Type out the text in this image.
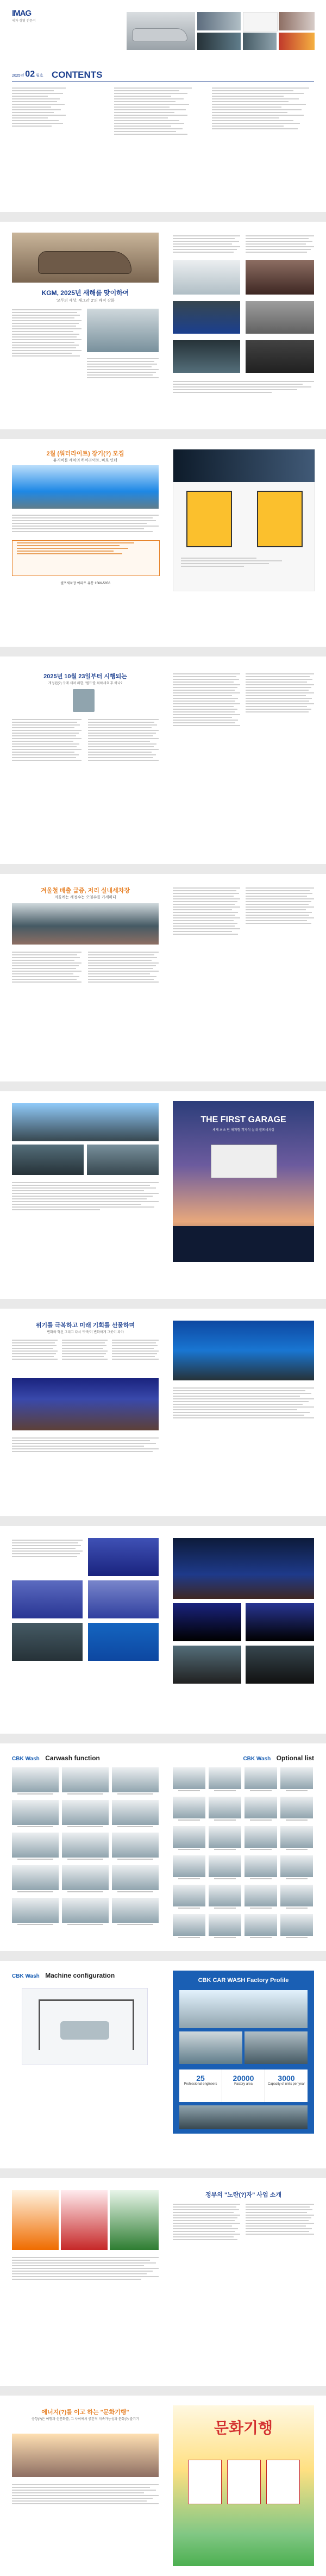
IMAG
세차 경영 전문지
2025년 02 월호 CONTENTS
KGM, 2025년 새해를 맞이하여
'모두의 세상, 새그러' 2'의 쾌적 강화
2월 (워터라이트) 장기(?) 모집
유지비를 세차의 하이라이트, 바로 인터
셀프세차장 아파트 유통 1566-5656
2025년 10월 23일부터 시행되는
개정된(?) 구매 세차 위한, '셀프'를 위하세요 후 하나?
겨울철 배출 급증, 저리 실내세차장
겨울에는 세정수는 오염수를 가세하다
THE FIRST GARAGE
세계 최초 단 해저형 격자식 실내 셀프세차장
위기를 극복하고 미래 기회를 선물하며
변화와 혁신 그리고 다시 '구축'이 변화하게 그곳이 되야
CBK Wash Carwash function	CBK Wash Optional list
CBK Wash Machine configuration
CBK CAR WASH Factory Profile
25
Professional engineers
20000
Factory area
3000
Capacity of units per year
정부의 "노란(?)자" 사업 소개
에너지(?)를 이고 하는 "문화기행"
공항(?)은 여행과 신문화를, 그 사이에서 공간적 지속가능성과 문화(?) 즐기기	문화기행
